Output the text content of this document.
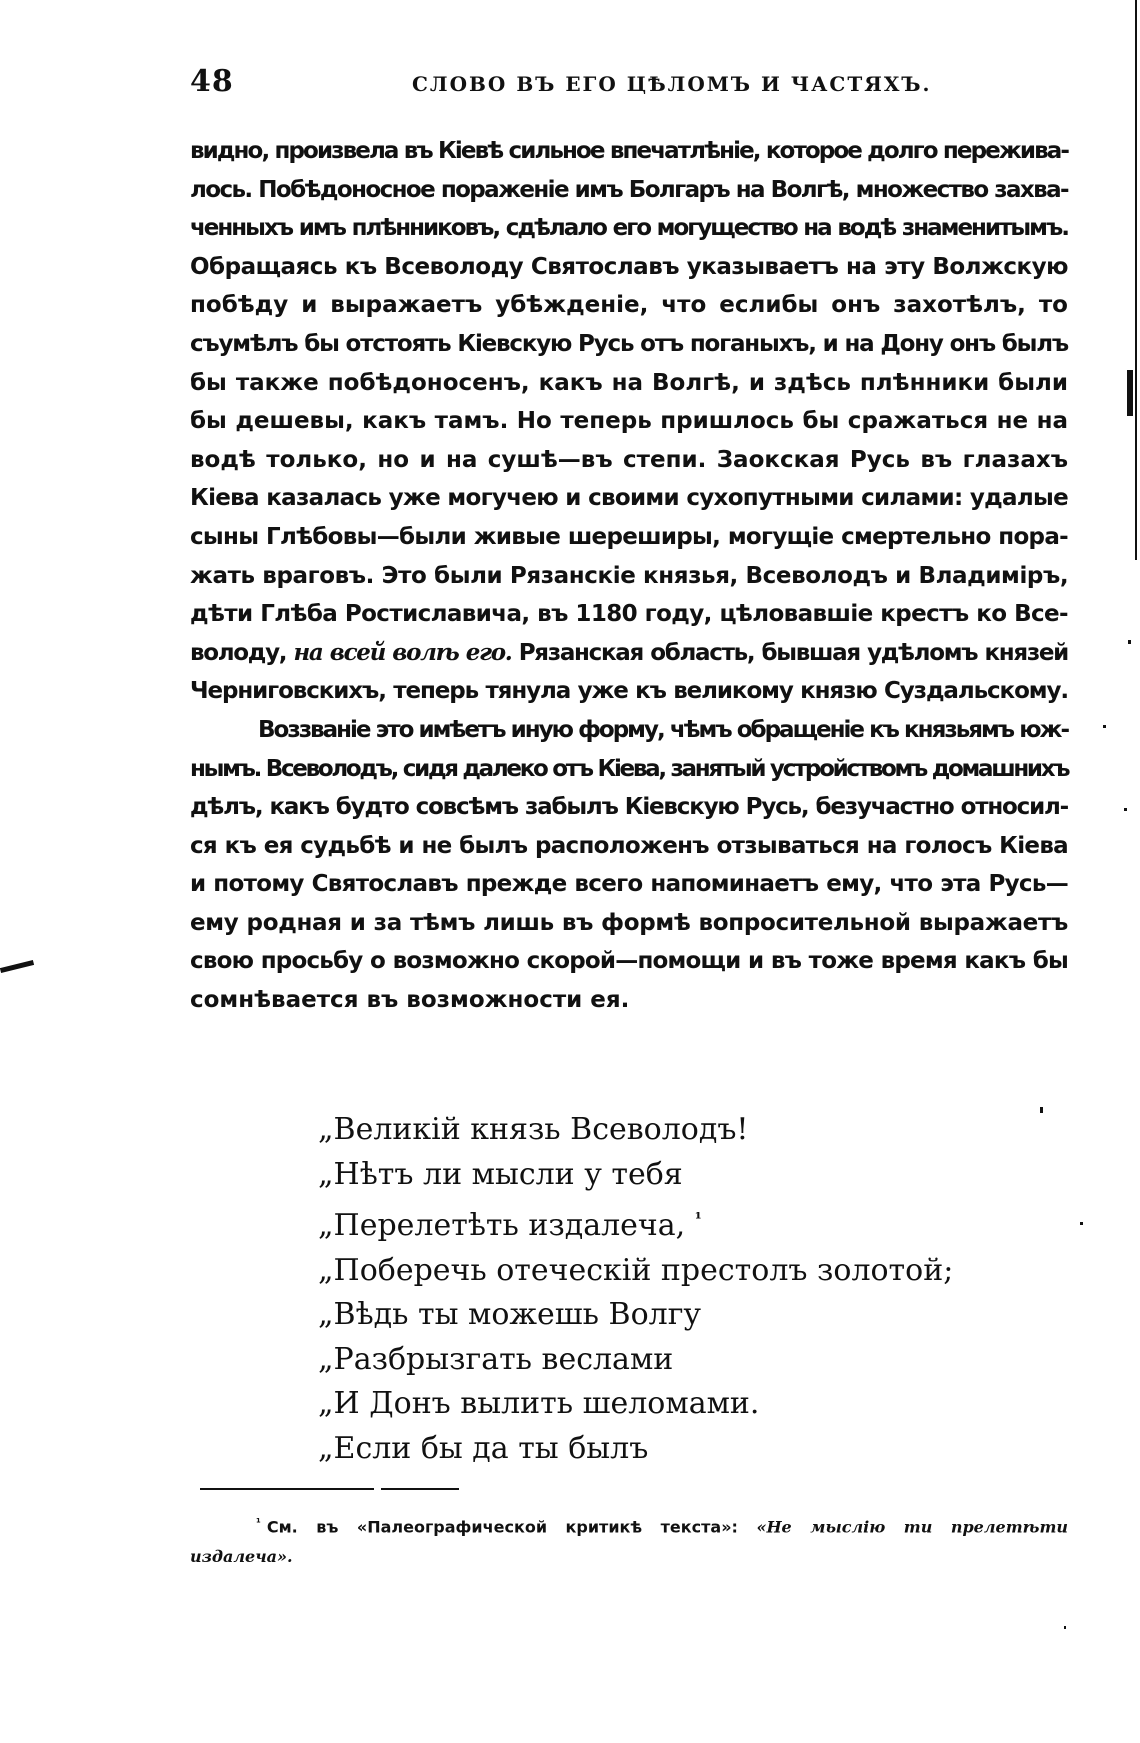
48	СЛОВО ВЪ ЕГО ЦѢЛОМЪ И ЧАСТЯХЪ.

видно, произвела въ Кіевѣ сильное впечатлѣніе, которое долго пережива-
лось. Побѣдоносное пораженіе имъ Болгаръ на Волгѣ, множество захва-
ченныхъ имъ плѣнниковъ, сдѣлало его могущество на водѣ знаменитымъ.
Обращаясь къ Всеволоду Святославъ указываетъ на эту Волжскую
побѣду и выражаетъ убѣжденіе, что еслибы онъ захотѣлъ, то
съумѣлъ бы отстоять Кіевскую Русь отъ поганыхъ, и на Дону онъ былъ
бы также побѣдоносенъ, какъ на Волгѣ, и здѣсь плѣнники были
бы дешевы, какъ тамъ. Но теперь пришлось бы сражаться не на
водѣ только, но и на сушѣ—въ степи. Заокская Русь въ глазахъ
Кіева казалась уже могучею и своими сухопутными силами: удалые
сыны Глѣбовы—были живые шереширы, могущіе смертельно пора-
жать враговъ. Это были Рязанскіе князья, Всеволодъ и Владиміръ,
дѣти Глѣба Ростиславича, въ 1180 году, цѣловавшіе крестъ ко Все-
володу, на всей волѣ его. Рязанская область, бывшая удѣломъ князей
Черниговскихъ, теперь тянула уже къ великому князю Суздальскому.

Воззваніе это имѣетъ иную форму, чѣмъ обращеніе къ князьямъ юж-
нымъ. Всеволодъ, сидя далеко отъ Кіева, занятый устройствомъ домашнихъ
дѣлъ, какъ будто совсѣмъ забылъ Кіевскую Русь, безучастно относил-
ся къ ея судьбѣ и не былъ расположенъ отзываться на голосъ Кіева
и потому Святославъ прежде всего напоминаетъ ему, что эта Русь—
ему родная и за тѣмъ лишь въ формѣ вопросительной выражаетъ
свою просьбу о возможно скорой—помощи и въ тоже время какъ бы
сомнѣвается въ возможности ея.

„Великій князь Всеволодъ!
„Нѣтъ ли мысли у тебя
„Перелетѣть издалеча, $^{^1}$
„Поберечь отеческій престолъ золотой;
„Вѣдь ты можешь Волгу
„Разбрызгать веслами
„И Донъ вылить шеломами.
„Если бы да ты былъ
$^{^1}$ См. въ «Палеографической критикѣ текста»: «Не мыслію ти прелетѣти
издалеча».
